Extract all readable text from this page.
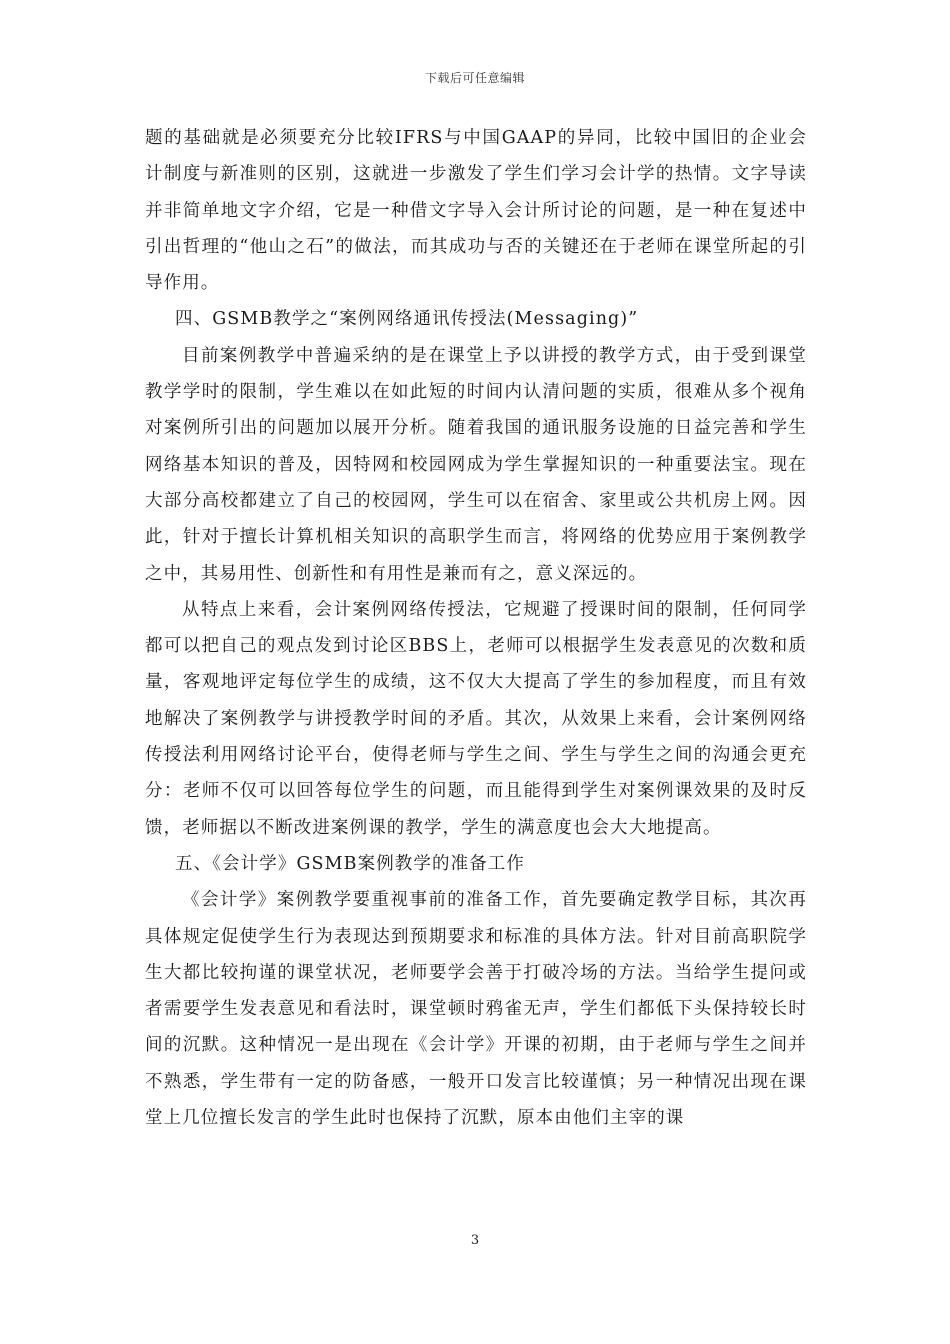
下载后可任意编辑

题的基础就是必须要充分比较IFRS与中国GAAP的异同，比较中国旧的企业会计制度与新准则的区别，这就进一步激发了学生们学习会计学的热情。文字导读并非简单地文字介绍，它是一种借文字导入会计所讨论的问题，是一种在复述中引出哲理的“他山之石”的做法，而其成功与否的关键还在于老师在课堂所起的引导作用。

四、GSMB教学之“案例网络通讯传授法(Messaging)”

目前案例教学中普遍采纳的是在课堂上予以讲授的教学方式，由于受到课堂教学学时的限制，学生难以在如此短的时间内认清问题的实质，很难从多个视角对案例所引出的问题加以展开分析。随着我国的通讯服务设施的日益完善和学生网络基本知识的普及，因特网和校园网成为学生掌握知识的一种重要法宝。现在大部分高校都建立了自己的校园网，学生可以在宿舍、家里或公共机房上网。因此，针对于擅长计算机相关知识的高职学生而言，将网络的优势应用于案例教学之中，其易用性、创新性和有用性是兼而有之，意义深远的。

从特点上来看，会计案例网络传授法，它规避了授课时间的限制，任何同学都可以把自己的观点发到讨论区BBS上，老师可以根据学生发表意见的次数和质量，客观地评定每位学生的成绩，这不仅大大提高了学生的参加程度，而且有效地解决了案例教学与讲授教学时间的矛盾。其次，从效果上来看，会计案例网络传授法利用网络讨论平台，使得老师与学生之间、学生与学生之间的沟通会更充分：老师不仅可以回答每位学生的问题，而且能得到学生对案例课效果的及时反馈，老师据以不断改进案例课的教学，学生的满意度也会大大地提高。

五、《会计学》GSMB案例教学的准备工作

《会计学》案例教学要重视事前的准备工作，首先要确定教学目标，其次再具体规定促使学生行为表现达到预期要求和标准的具体方法。针对目前高职院学生大都比较拘谨的课堂状况，老师要学会善于打破冷场的方法。当给学生提问或者需要学生发表意见和看法时，课堂顿时鸦雀无声，学生们都低下头保持较长时间的沉默。这种情况一是出现在《会计学》开课的初期，由于老师与学生之间并不熟悉，学生带有一定的防备感，一般开口发言比较谨慎；另一种情况出现在课堂上几位擅长发言的学生此时也保持了沉默，原本由他们主宰的课

3
